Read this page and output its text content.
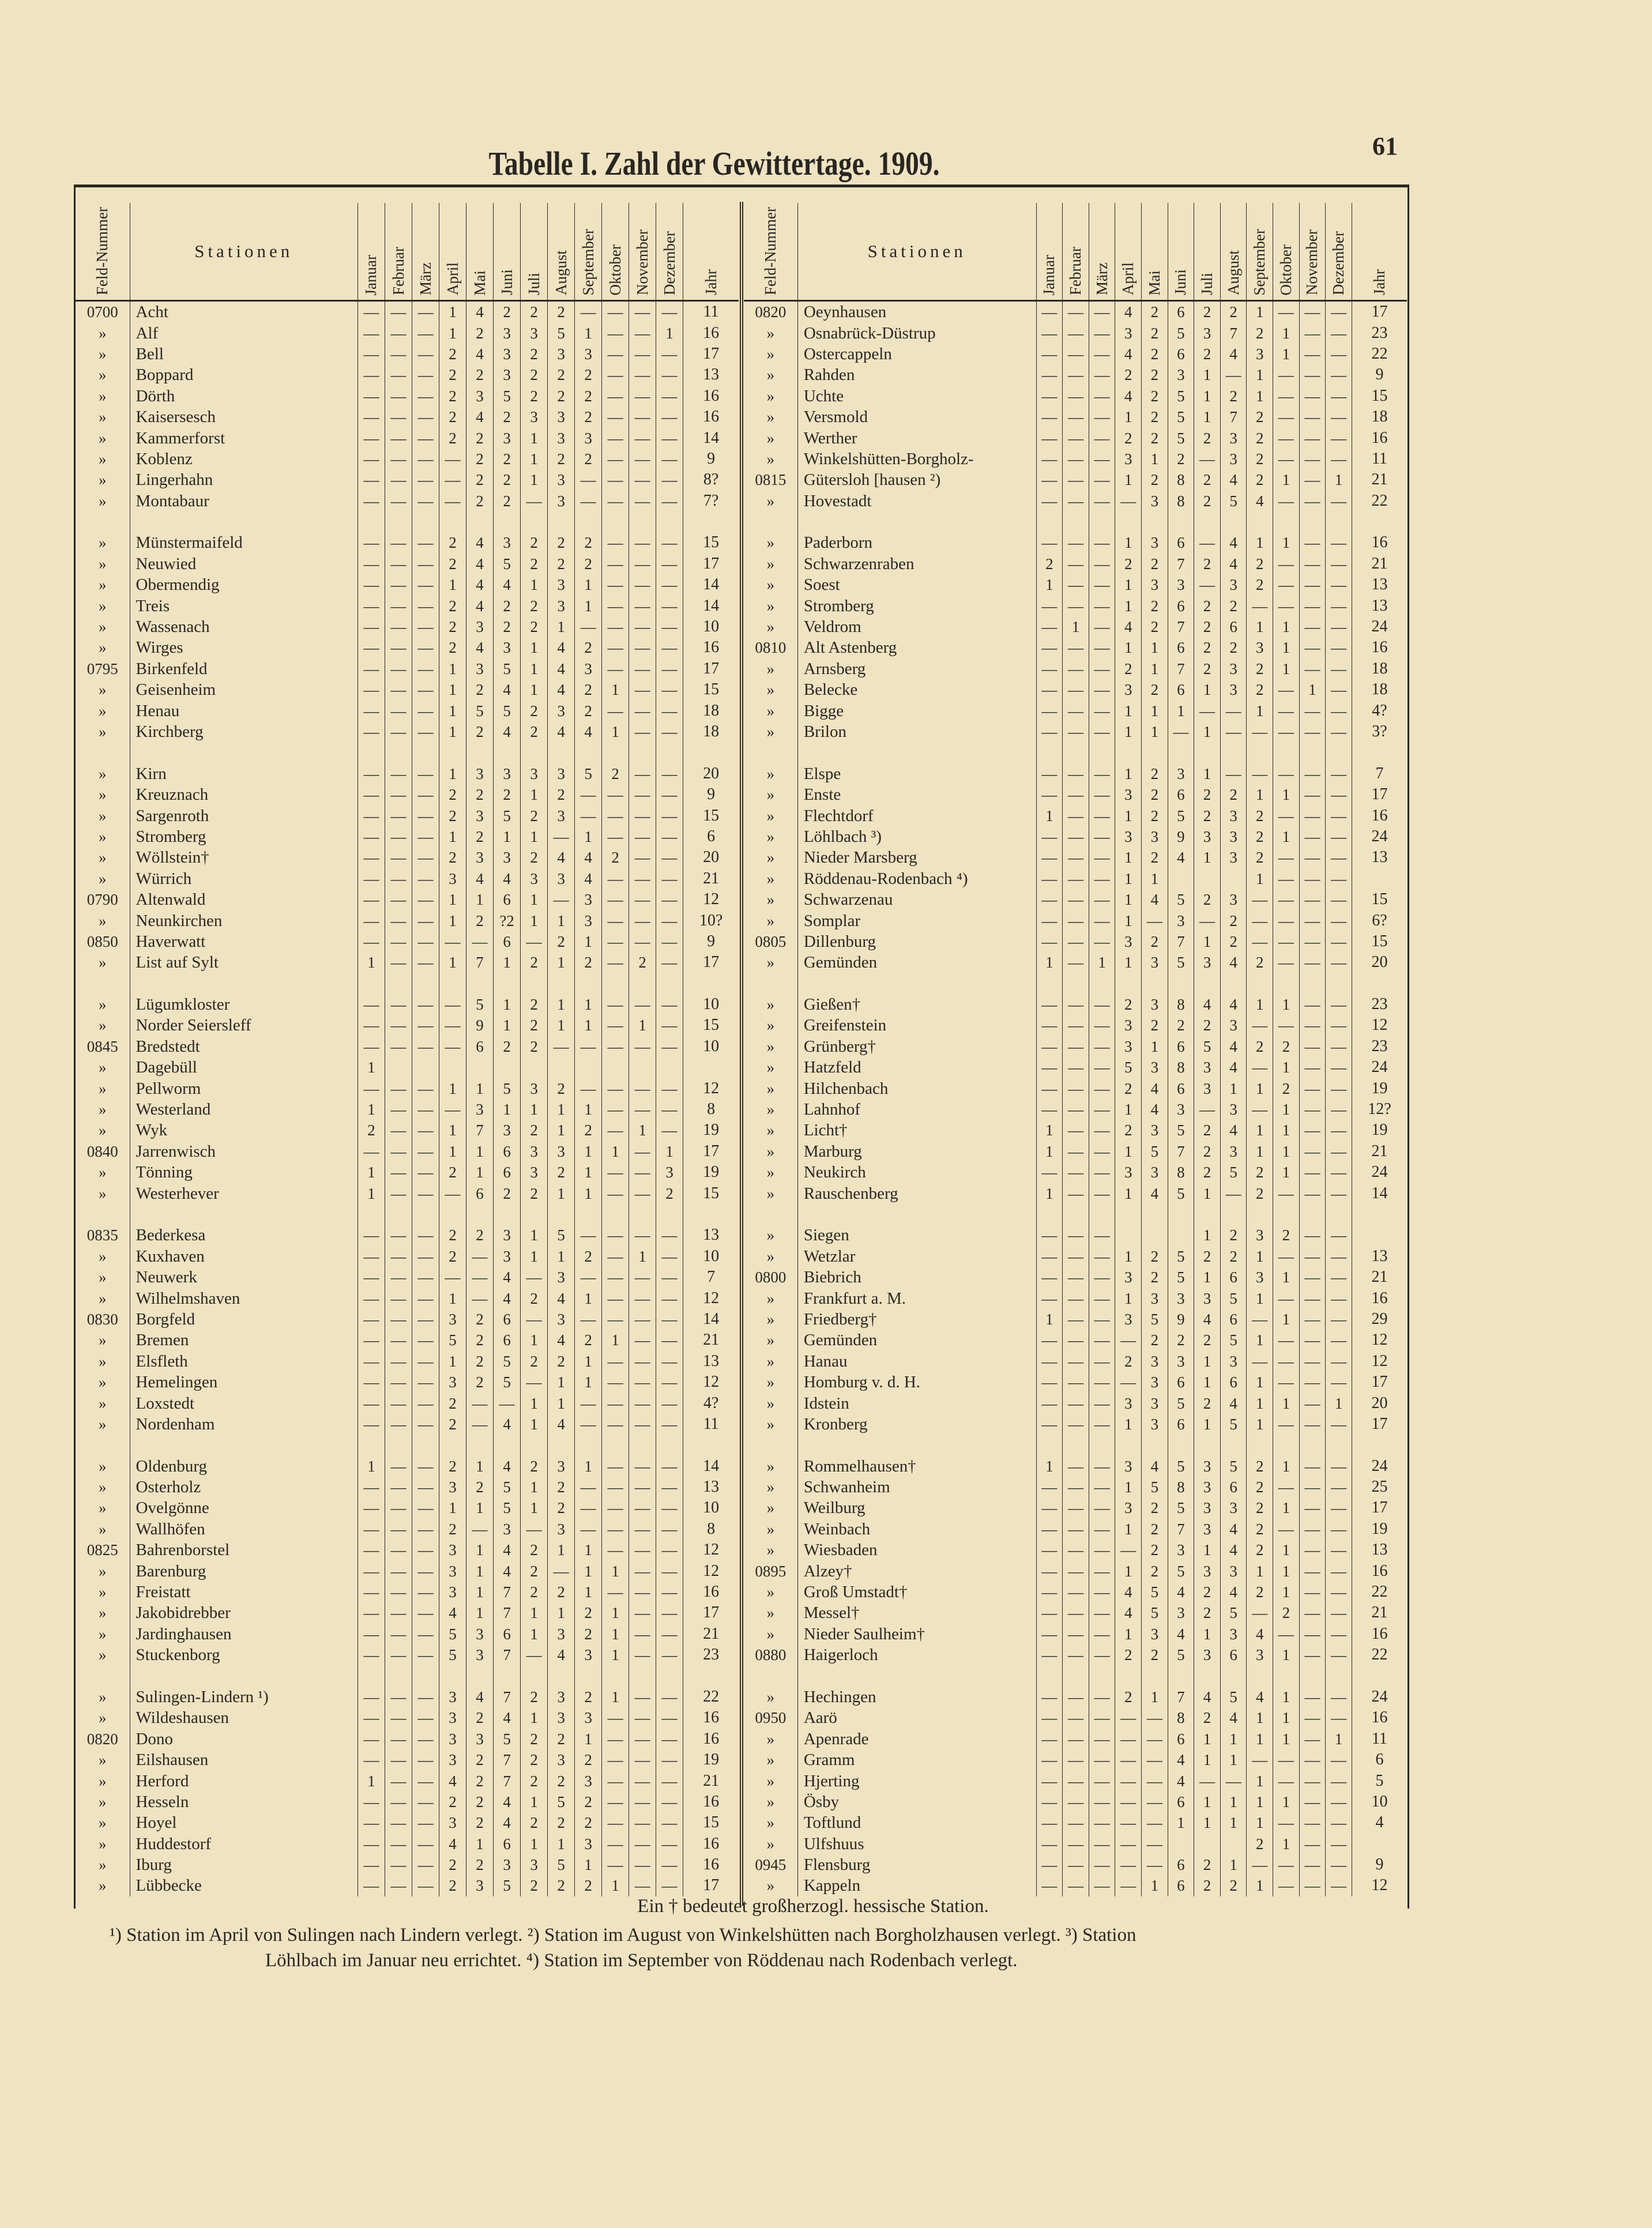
61
Tabelle I. Zahl der Gewittertage. 1909.
Feld-Nummer	Stationen	Januar	Februar	März	April	Mai	Juni	Juli	August	September	Oktober	November	Dezember	Jahr

0700	Acht	—	—	—	1	4	2	2	2	—	—	—	—	11
»	Alf	—	—	—	1	2	3	3	5	1	—	—	1	16
»	Bell	—	—	—	2	4	3	2	3	3	—	—	—	17
»	Boppard	—	—	—	2	2	3	2	2	2	—	—	—	13
»	Dörth	—	—	—	2	3	5	2	2	2	—	—	—	16
»	Kaisersesch	—	—	—	2	4	2	3	3	2	—	—	—	16
»	Kammerforst	—	—	—	2	2	3	1	3	3	—	—	—	14
»	Koblenz	—	—	—	—	2	2	1	2	2	—	—	—	9
»	Lingerhahn	—	—	—	—	2	2	1	3	—	—	—	—	8?
»	Montabaur	—	—	—	—	2	2	—	3	—	—	—	—	7?

»	Münstermaifeld	—	—	—	2	4	3	2	2	2	—	—	—	15
»	Neuwied	—	—	—	2	4	5	2	2	2	—	—	—	17
»	Obermendig	—	—	—	1	4	4	1	3	1	—	—	—	14
»	Treis	—	—	—	2	4	2	2	3	1	—	—	—	14
»	Wassenach	—	—	—	2	3	2	2	1	—	—	—	—	10
»	Wirges	—	—	—	2	4	3	1	4	2	—	—	—	16
0795	Birkenfeld	—	—	—	1	3	5	1	4	3	—	—	—	17
»	Geisenheim	—	—	—	1	2	4	1	4	2	1	—	—	15
»	Henau	—	—	—	1	5	5	2	3	2	—	—	—	18
»	Kirchberg	—	—	—	1	2	4	2	4	4	1	—	—	18

»	Kirn	—	—	—	1	3	3	3	3	5	2	—	—	20
»	Kreuznach	—	—	—	2	2	2	1	2	—	—	—	—	9
»	Sargenroth	—	—	—	2	3	5	2	3	—	—	—	—	15
»	Stromberg	—	—	—	1	2	1	1	—	1	—	—	—	6
»	Wöllstein†	—	—	—	2	3	3	2	4	4	2	—	—	20
»	Würrich	—	—	—	3	4	4	3	3	4	—	—	—	21
0790	Altenwald	—	—	—	1	1	6	1	—	3	—	—	—	12
»	Neunkirchen	—	—	—	1	2	?2	1	1	3	—	—	—	10?
0850	Haverwatt	—	—	—	—	—	6	—	2	1	—	—	—	9
»	List auf Sylt	1	—	—	1	7	1	2	1	2	—	2	—	17

»	Lügumkloster	—	—	—	—	5	1	2	1	1	—	—	—	10
»	Norder Seiersleff	—	—	—	—	9	1	2	1	1	—	1	—	15
0845	Bredstedt	—	—	—	—	6	2	2	—	—	—	—	—	10
»	Dagebüll	1												
»	Pellworm	—	—	—	1	1	5	3	2	—	—	—	—	12
»	Westerland	1	—	—	—	3	1	1	1	1	—	—	—	8
»	Wyk	2	—	—	1	7	3	2	1	2	—	1	—	19
0840	Jarrenwisch	—	—	—	1	1	6	3	3	1	1	—	1	17
»	Tönning	1	—	—	2	1	6	3	2	1	—	—	3	19
»	Westerhever	1	—	—	—	6	2	2	1	1	—	—	2	15

0835	Bederkesa	—	—	—	2	2	3	1	5	—	—	—	—	13
»	Kuxhaven	—	—	—	2	—	3	1	1	2	—	1	—	10
»	Neuwerk	—	—	—	—	—	4	—	3	—	—	—	—	7
»	Wilhelmshaven	—	—	—	1	—	4	2	4	1	—	—	—	12
0830	Borgfeld	—	—	—	3	2	6	—	3	—	—	—	—	14
»	Bremen	—	—	—	5	2	6	1	4	2	1	—	—	21
»	Elsfleth	—	—	—	1	2	5	2	2	1	—	—	—	13
»	Hemelingen	—	—	—	3	2	5	—	1	1	—	—	—	12
»	Loxstedt	—	—	—	2	—	—	1	1	—	—	—	—	4?
»	Nordenham	—	—	—	2	—	4	1	4	—	—	—	—	11

»	Oldenburg	1	—	—	2	1	4	2	3	1	—	—	—	14
»	Osterholz	—	—	—	3	2	5	1	2	—	—	—	—	13
»	Ovelgönne	—	—	—	1	1	5	1	2	—	—	—	—	10
»	Wallhöfen	—	—	—	2	—	3	—	3	—	—	—	—	8
0825	Bahrenborstel	—	—	—	3	1	4	2	1	1	—	—	—	12
»	Barenburg	—	—	—	3	1	4	2	—	1	1	—	—	12
»	Freistatt	—	—	—	3	1	7	2	2	1	—	—	—	16
»	Jakobidrebber	—	—	—	4	1	7	1	1	2	1	—	—	17
»	Jardinghausen	—	—	—	5	3	6	1	3	2	1	—	—	21
»	Stuckenborg	—	—	—	5	3	7	—	4	3	1	—	—	23

»	Sulingen-Lindern ¹)	—	—	—	3	4	7	2	3	2	1	—	—	22
»	Wildeshausen	—	—	—	3	2	4	1	3	3	—	—	—	16
0820	Dono	—	—	—	3	3	5	2	2	1	—	—	—	16
»	Eilshausen	—	—	—	3	2	7	2	3	2	—	—	—	19
»	Herford	1	—	—	4	2	7	2	2	3	—	—	—	21
»	Hesseln	—	—	—	2	2	4	1	5	2	—	—	—	16
»	Hoyel	—	—	—	3	2	4	2	2	2	—	—	—	15
»	Huddestorf	—	—	—	4	1	6	1	1	3	—	—	—	16
»	Iburg	—	—	—	2	2	3	3	5	1	—	—	—	16
»	Lübbecke	—	—	—	2	3	5	2	2	2	1	—	—	17
Feld-Nummer	Stationen	Januar	Februar	März	April	Mai	Juni	Juli	August	September	Oktober	November	Dezember	Jahr

0820	Oeynhausen	—	—	—	4	2	6	2	2	1	—	—	—	17
»	Osnabrück-Düstrup	—	—	—	3	2	5	3	7	2	1	—	—	23
»	Ostercappeln	—	—	—	4	2	6	2	4	3	1	—	—	22
»	Rahden	—	—	—	2	2	3	1	—	1	—	—	—	9
»	Uchte	—	—	—	4	2	5	1	2	1	—	—	—	15
»	Versmold	—	—	—	1	2	5	1	7	2	—	—	—	18
»	Werther	—	—	—	2	2	5	2	3	2	—	—	—	16
»	Winkelshütten-Borgholz-	—	—	—	3	1	2	—	3	2	—	—	—	11
0815	Gütersloh [hausen ²)	—	—	—	1	2	8	2	4	2	1	—	1	21
»	Hovestadt	—	—	—	—	3	8	2	5	4	—	—	—	22

»	Paderborn	—	—	—	1	3	6	—	4	1	1	—	—	16
»	Schwarzenraben	2	—	—	2	2	7	2	4	2	—	—	—	21
»	Soest	1	—	—	1	3	3	—	3	2	—	—	—	13
»	Stromberg	—	—	—	1	2	6	2	2	—	—	—	—	13
»	Veldrom	—	1	—	4	2	7	2	6	1	1	—	—	24
0810	Alt Astenberg	—	—	—	1	1	6	2	2	3	1	—	—	16
»	Arnsberg	—	—	—	2	1	7	2	3	2	1	—	—	18
»	Belecke	—	—	—	3	2	6	1	3	2	—	1	—	18
»	Bigge	—	—	—	1	1	1	—	—	1	—	—	—	4?
»	Brilon	—	—	—	1	1	—	1	—	—	—	—	—	3?

»	Elspe	—	—	—	1	2	3	1	—	—	—	—	—	7
»	Enste	—	—	—	3	2	6	2	2	1	1	—	—	17
»	Flechtdorf	1	—	—	1	2	5	2	3	2	—	—	—	16
»	Löhlbach ³)	—	—	—	3	3	9	3	3	2	1	—	—	24
»	Nieder Marsberg	—	—	—	1	2	4	1	3	2	—	—	—	13
»	Röddenau-Rodenbach ⁴)	—	—	—	1	1				1	—	—	—	
»	Schwarzenau	—	—	—	1	4	5	2	3	—	—	—	—	15
»	Somplar	—	—	—	1	—	3	—	2	—	—	—	—	6?
0805	Dillenburg	—	—	—	3	2	7	1	2	—	—	—	—	15
»	Gemünden	1	—	1	1	3	5	3	4	2	—	—	—	20

»	Gießen†	—	—	—	2	3	8	4	4	1	1	—	—	23
»	Greifenstein	—	—	—	3	2	2	2	3	—	—	—	—	12
»	Grünberg†	—	—	—	3	1	6	5	4	2	2	—	—	23
»	Hatzfeld	—	—	—	5	3	8	3	4	—	1	—	—	24
»	Hilchenbach	—	—	—	2	4	6	3	1	1	2	—	—	19
»	Lahnhof	—	—	—	1	4	3	—	3	—	1	—	—	12?
»	Licht†	1	—	—	2	3	5	2	4	1	1	—	—	19
»	Marburg	1	—	—	1	5	7	2	3	1	1	—	—	21
»	Neukirch	—	—	—	3	3	8	2	5	2	1	—	—	24
»	Rauschenberg	1	—	—	1	4	5	1	—	2	—	—	—	14

»	Siegen	—	—	—				1	2	3	2	—	—	
»	Wetzlar	—	—	—	1	2	5	2	2	1	—	—	—	13
0800	Biebrich	—	—	—	3	2	5	1	6	3	1	—	—	21
»	Frankfurt a. M.	—	—	—	1	3	3	3	5	1	—	—	—	16
»	Friedberg†	1	—	—	3	5	9	4	6	—	1	—	—	29
»	Gemünden	—	—	—	—	2	2	2	5	1	—	—	—	12
»	Hanau	—	—	—	2	3	3	1	3	—	—	—	—	12
»	Homburg v. d. H.	—	—	—	—	3	6	1	6	1	—	—	—	17
»	Idstein	—	—	—	3	3	5	2	4	1	1	—	1	20
»	Kronberg	—	—	—	1	3	6	1	5	1	—	—	—	17

»	Rommelhausen†	1	—	—	3	4	5	3	5	2	1	—	—	24
»	Schwanheim	—	—	—	1	5	8	3	6	2	—	—	—	25
»	Weilburg	—	—	—	3	2	5	3	3	2	1	—	—	17
»	Weinbach	—	—	—	1	2	7	3	4	2	—	—	—	19
»	Wiesbaden	—	—	—	—	2	3	1	4	2	1	—	—	13
0895	Alzey†	—	—	—	1	2	5	3	3	1	1	—	—	16
»	Groß Umstadt†	—	—	—	4	5	4	2	4	2	1	—	—	22
»	Messel†	—	—	—	4	5	3	2	5	—	2	—	—	21
»	Nieder Saulheim†	—	—	—	1	3	4	1	3	4	—	—	—	16
0880	Haigerloch	—	—	—	2	2	5	3	6	3	1	—	—	22

»	Hechingen	—	—	—	2	1	7	4	5	4	1	—	—	24
0950	Aarö	—	—	—	—	—	8	2	4	1	1	—	—	16
»	Apenrade	—	—	—	—	—	6	1	1	1	1	—	1	11
»	Gramm	—	—	—	—	—	4	1	1	—	—	—	—	6
»	Hjerting	—	—	—	—	—	4	—	—	1	—	—	—	5
»	Ösby	—	—	—	—	—	6	1	1	1	1	—	—	10
»	Toftlund	—	—	—	—	—	1	1	1	1	—	—	—	4
»	Ulfshuus	—	—	—	—	—				2	1	—	—	
0945	Flensburg	—	—	—	—	—	6	2	1	—	—	—	—	9
»	Kappeln	—	—	—	—	1	6	2	2	1	—	—	—	12
Ein † bedeutet großherzogl. hessische Station.
¹) Station im April von Sulingen nach Lindern verlegt. ²) Station im August von Winkelshütten nach Borgholzhausen verlegt. ³) Station
Löhlbach im Januar neu errichtet. ⁴) Station im September von Röddenau nach Rodenbach verlegt.
